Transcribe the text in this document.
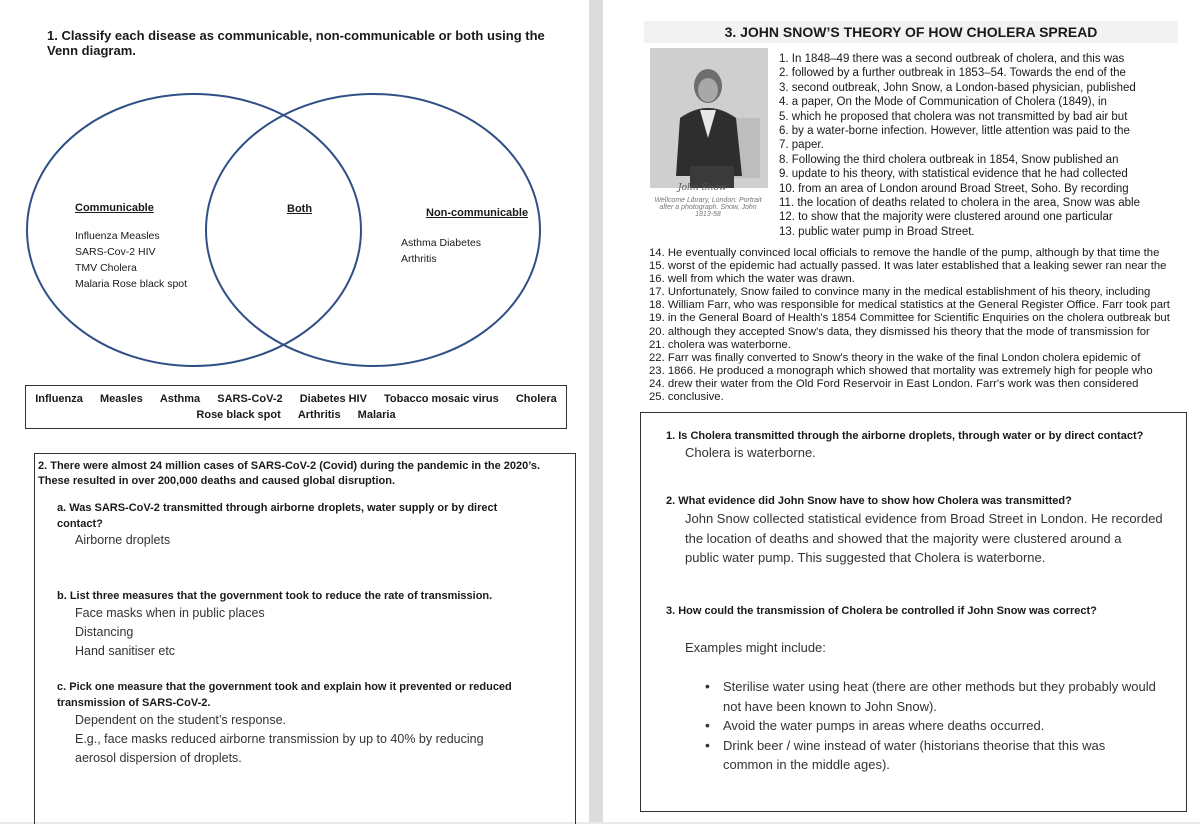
1. Classify each disease as communicable, non-communicable or both using the Venn diagram.
Communicable	Both	Non-communicable
Influenza Measles
SARS-Cov-2 HIV
TMV Cholera
Malaria Rose black spot
Asthma Diabetes
Arthritis
Influenza Measles Asthma SARS-CoV-2 Diabetes HIV Tobacco mosaic virus Cholera
Rose black spot Arthritis Malaria
2. There were almost 24 million cases of SARS-CoV-2 (Covid) during the pandemic in the 2020’s. These resulted in over 200,000 deaths and caused global disruption.
a. Was SARS-CoV-2 transmitted through airborne droplets, water supply or by direct contact?
Airborne droplets
b. List three measures that the government took to reduce the rate of transmission.
Face masks when in public places
Distancing
Hand sanitiser etc
c. Pick one measure that the government took and explain how it prevented or reduced transmission of SARS-CoV-2.
Dependent on the student’s response.
E.g., face masks reduced airborne transmission by up to 40% by reducing
aerosol dispersion of droplets.
3. JOHN SNOW’S THEORY OF HOW CHOLERA SPREAD
John Snow
Wellcome Library, London. Portrait after a photograph. Snow, John 1813-58
1. In 1848–49 there was a second outbreak of cholera, and this was
2. followed by a further outbreak in 1853–54. Towards the end of the
3. second outbreak, John Snow, a London-based physician, published
4. a paper, On the Mode of Communication of Cholera (1849), in
5. which he proposed that cholera was not transmitted by bad air but
6. by a water-borne infection. However, little attention was paid to the
7. paper.
8. Following the third cholera outbreak in 1854, Snow published an
9. update to his theory, with statistical evidence that he had collected
10. from an area of London around Broad Street, Soho. By recording
11. the location of deaths related to cholera in the area, Snow was able
12. to show that the majority were clustered around one particular
13. public water pump in Broad Street.
14. He eventually convinced local officials to remove the handle of the pump, although by that time the
15. worst of the epidemic had actually passed. It was later established that a leaking sewer ran near the
16. well from which the water was drawn.
17. Unfortunately, Snow failed to convince many in the medical establishment of his theory, including
18. William Farr, who was responsible for medical statistics at the General Register Office. Farr took part
19. in the General Board of Health's 1854 Committee for Scientific Enquiries on the cholera outbreak but
20. although they accepted Snow's data, they dismissed his theory that the mode of transmission for
21. cholera was waterborne.
22. Farr was finally converted to Snow's theory in the wake of the final London cholera epidemic of
23. 1866. He produced a monograph which showed that mortality was extremely high for people who
24. drew their water from the Old Ford Reservoir in East London. Farr's work was then considered
25. conclusive.
1. Is Cholera transmitted through the airborne droplets, through water or by direct contact?
Cholera is waterborne.
2. What evidence did John Snow have to show how Cholera was transmitted?
John Snow collected statistical evidence from Broad Street in London. He recorded
the location of deaths and showed that the majority were clustered around a
public water pump. This suggested that Cholera is waterborne.
3. How could the transmission of Cholera be controlled if John Snow was correct?
Examples might include:
• Sterilise water using heat (there are other methods but they probably would
not have been known to John Snow).
• Avoid the water pumps in areas where deaths occurred.
• Drink beer / wine instead of water (historians theorise that this was
common in the middle ages).
